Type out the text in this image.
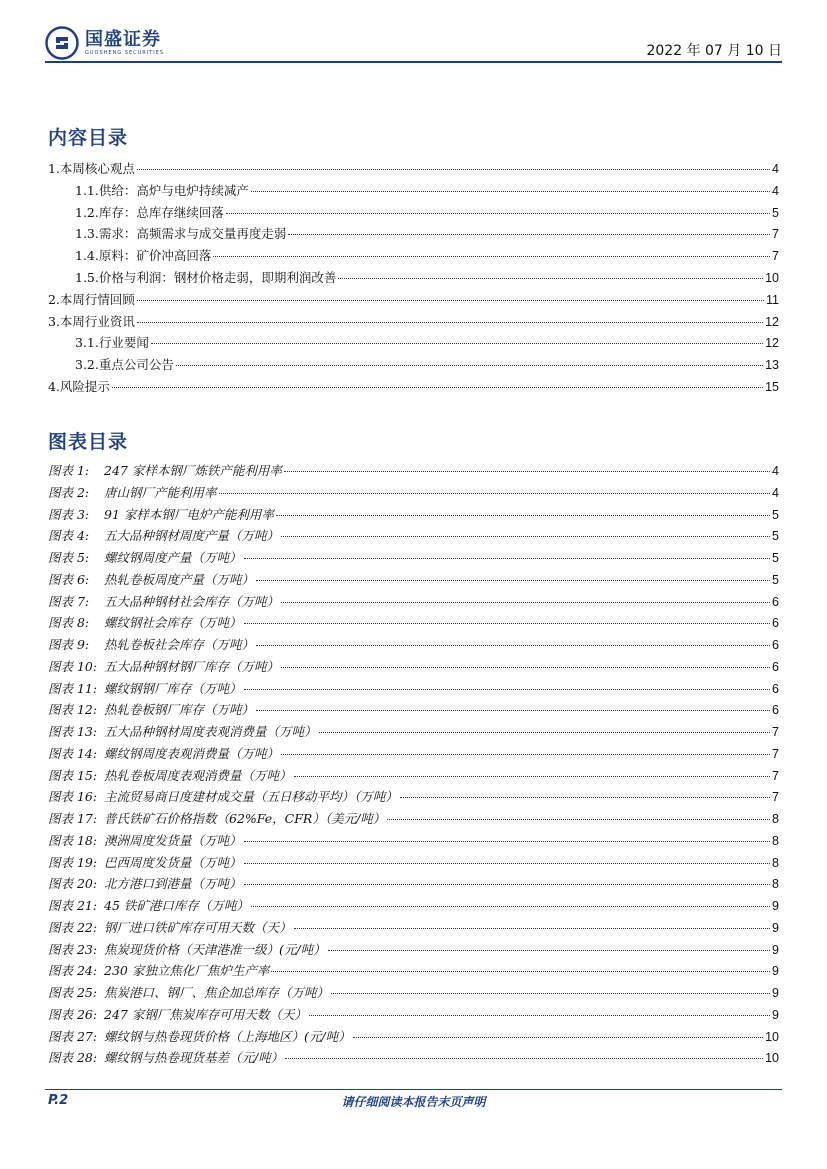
国盛证券
GUOSHENG SECURITIES	2022 年 07 月 10 日
内容目录
1.本周核心观点	4
1.1.供给：高炉与电炉持续减产	4
1.2.库存：总库存继续回落	5
1.3.需求：高频需求与成交量再度走弱	7
1.4.原料：矿价冲高回落	7
1.5.价格与利润：钢材价格走弱，即期利润改善	10
2.本周行情回顾	11
3.本周行业资讯	12
3.1.行业要闻	12
3.2.重点公司公告	13
4.风险提示	15
图表目录
图表 1:	247 家样本钢厂炼铁产能利用率	4
图表 2:	唐山钢厂产能利用率	4
图表 3:	91 家样本钢厂电炉产能利用率	5
图表 4:	五大品种钢材周度产量（万吨）	5
图表 5:	螺纹钢周度产量（万吨）	5
图表 6:	热轧卷板周度产量（万吨）	5
图表 7:	五大品种钢材社会库存（万吨）	6
图表 8:	螺纹钢社会库存（万吨）	6
图表 9:	热轧卷板社会库存（万吨）	6
图表 10: 五大品种钢材钢厂库存（万吨）	6
图表 11: 螺纹钢钢厂库存（万吨）	6
图表 12: 热轧卷板钢厂库存（万吨）	6
图表 13: 五大品种钢材周度表观消费量（万吨）	7
图表 14: 螺纹钢周度表观消费量（万吨）	7
图表 15: 热轧卷板周度表观消费量（万吨）	7
图表 16: 主流贸易商日度建材成交量（五日移动平均）（万吨）	7
图表 17: 普氏铁矿石价格指数（62%Fe，CFR）（美元/吨）	8
图表 18: 澳洲周度发货量（万吨）	8
图表 19: 巴西周度发货量（万吨）	8
图表 20: 北方港口到港量（万吨）	8
图表 21: 45 铁矿港口库存（万吨）	9
图表 22: 钢厂进口铁矿库存可用天数（天）	9
图表 23: 焦炭现货价格（天津港准一级）(元/吨）	9
图表 24: 230 家独立焦化厂焦炉生产率	9
图表 25: 焦炭港口、钢厂、焦企加总库存（万吨）	9
图表 26: 247 家钢厂焦炭库存可用天数（天）	9
图表 27: 螺纹钢与热卷现货价格（上海地区）(元/吨）	10
图表 28: 螺纹钢与热卷现货基差（元/吨）	10
P.2	请仔细阅读本报告末页声明
